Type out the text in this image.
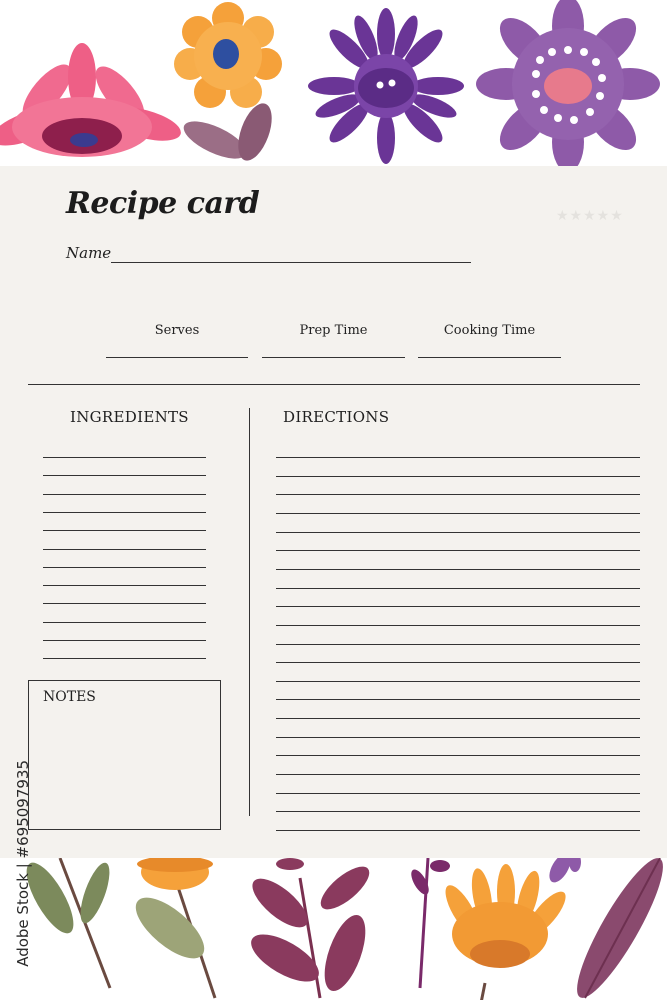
Recipe card	★★★★★
Name
Serves	Prep Time	Cooking Time
INGREDIENTS	DIRECTIONS
NOTES
Adobe Stock | #695097935
